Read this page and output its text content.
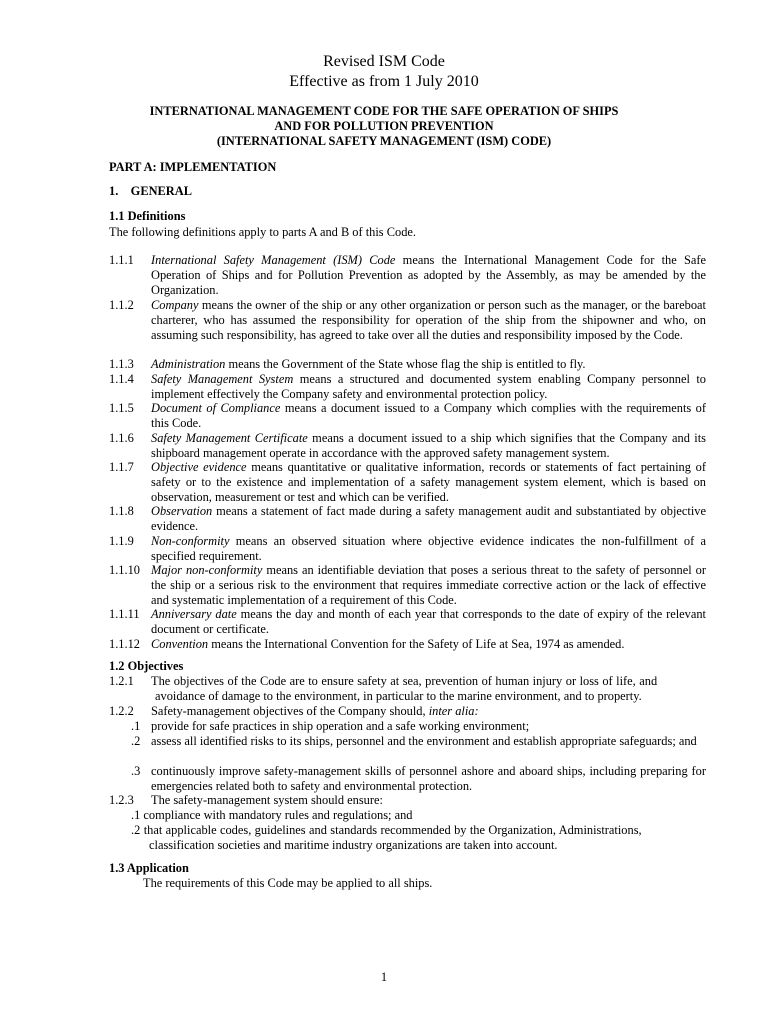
Revised ISM Code
Effective as from 1 July 2010
INTERNATIONAL MANAGEMENT CODE FOR THE SAFE OPERATION OF SHIPS
AND FOR POLLUTION PREVENTION
(INTERNATIONAL SAFETY MANAGEMENT (ISM) CODE)
PART A: IMPLEMENTATION
1.    GENERAL
1.1 Definitions
The following definitions apply to parts A and B of this Code.
1.1.1 International Safety Management (ISM) Code means the International Management Code for the Safe Operation of Ships and for Pollution Prevention as adopted by the Assembly, as may be amended by the Organization.
1.1.2 Company means the owner of the ship or any other organization or person such as the manager, or the bareboat charterer, who has assumed the responsibility for operation of the ship from the shipowner and who, on assuming such responsibility, has agreed to take over all the duties and responsibility imposed by the Code.
1.1.3 Administration means the Government of the State whose flag the ship is entitled to fly.
1.1.4 Safety Management System means a structured and documented system enabling Company personnel to implement effectively the Company safety and environmental protection policy.
1.1.5 Document of Compliance means a document issued to a Company which complies with the requirements of this Code.
1.1.6 Safety Management Certificate means a document issued to a ship which signifies that the Company and its shipboard management operate in accordance with the approved safety management system.
1.1.7 Objective evidence means quantitative or qualitative information, records or statements of fact pertaining of safety or to the existence and implementation of a safety management system element, which is based on observation, measurement or test and which can be verified.
1.1.8 Observation means a statement of fact made during a safety management audit and substantiated by objective evidence.
1.1.9 Non-conformity means an observed situation where objective evidence indicates the non-fulfillment of a specified requirement.
1.1.10 Major non-conformity means an identifiable deviation that poses a serious threat to the safety of personnel or the ship or a serious risk to the environment that requires immediate corrective action or the lack of effective and systematic implementation of a requirement of this Code.
1.1.11 Anniversary date means the day and month of each year that corresponds to the date of expiry of the relevant document or certificate.
1.1.12 Convention means the International Convention for the Safety of Life at Sea, 1974 as amended.
1.2 Objectives
1.2.1 The objectives of the Code are to ensure safety at sea, prevention of human injury or loss of life, and
avoidance of damage to the environment, in particular to the marine environment, and to property.
1.2.2 Safety-management objectives of the Company should, inter alia:
.1 provide for safe practices in ship operation and a safe working environment;
.2 assess all identified risks to its ships, personnel and the environment and establish appropriate safeguards; and
.3 continuously improve safety-management skills of personnel ashore and aboard ships, including preparing for emergencies related both to safety and environmental protection.
1.2.3 The safety-management system should ensure:
.1 compliance with mandatory rules and regulations; and
.2 that applicable codes, guidelines and standards recommended by the Organization, Administrations,
classification societies and maritime industry organizations are taken into account.
1.3 Application
The requirements of this Code may be applied to all ships.
1
